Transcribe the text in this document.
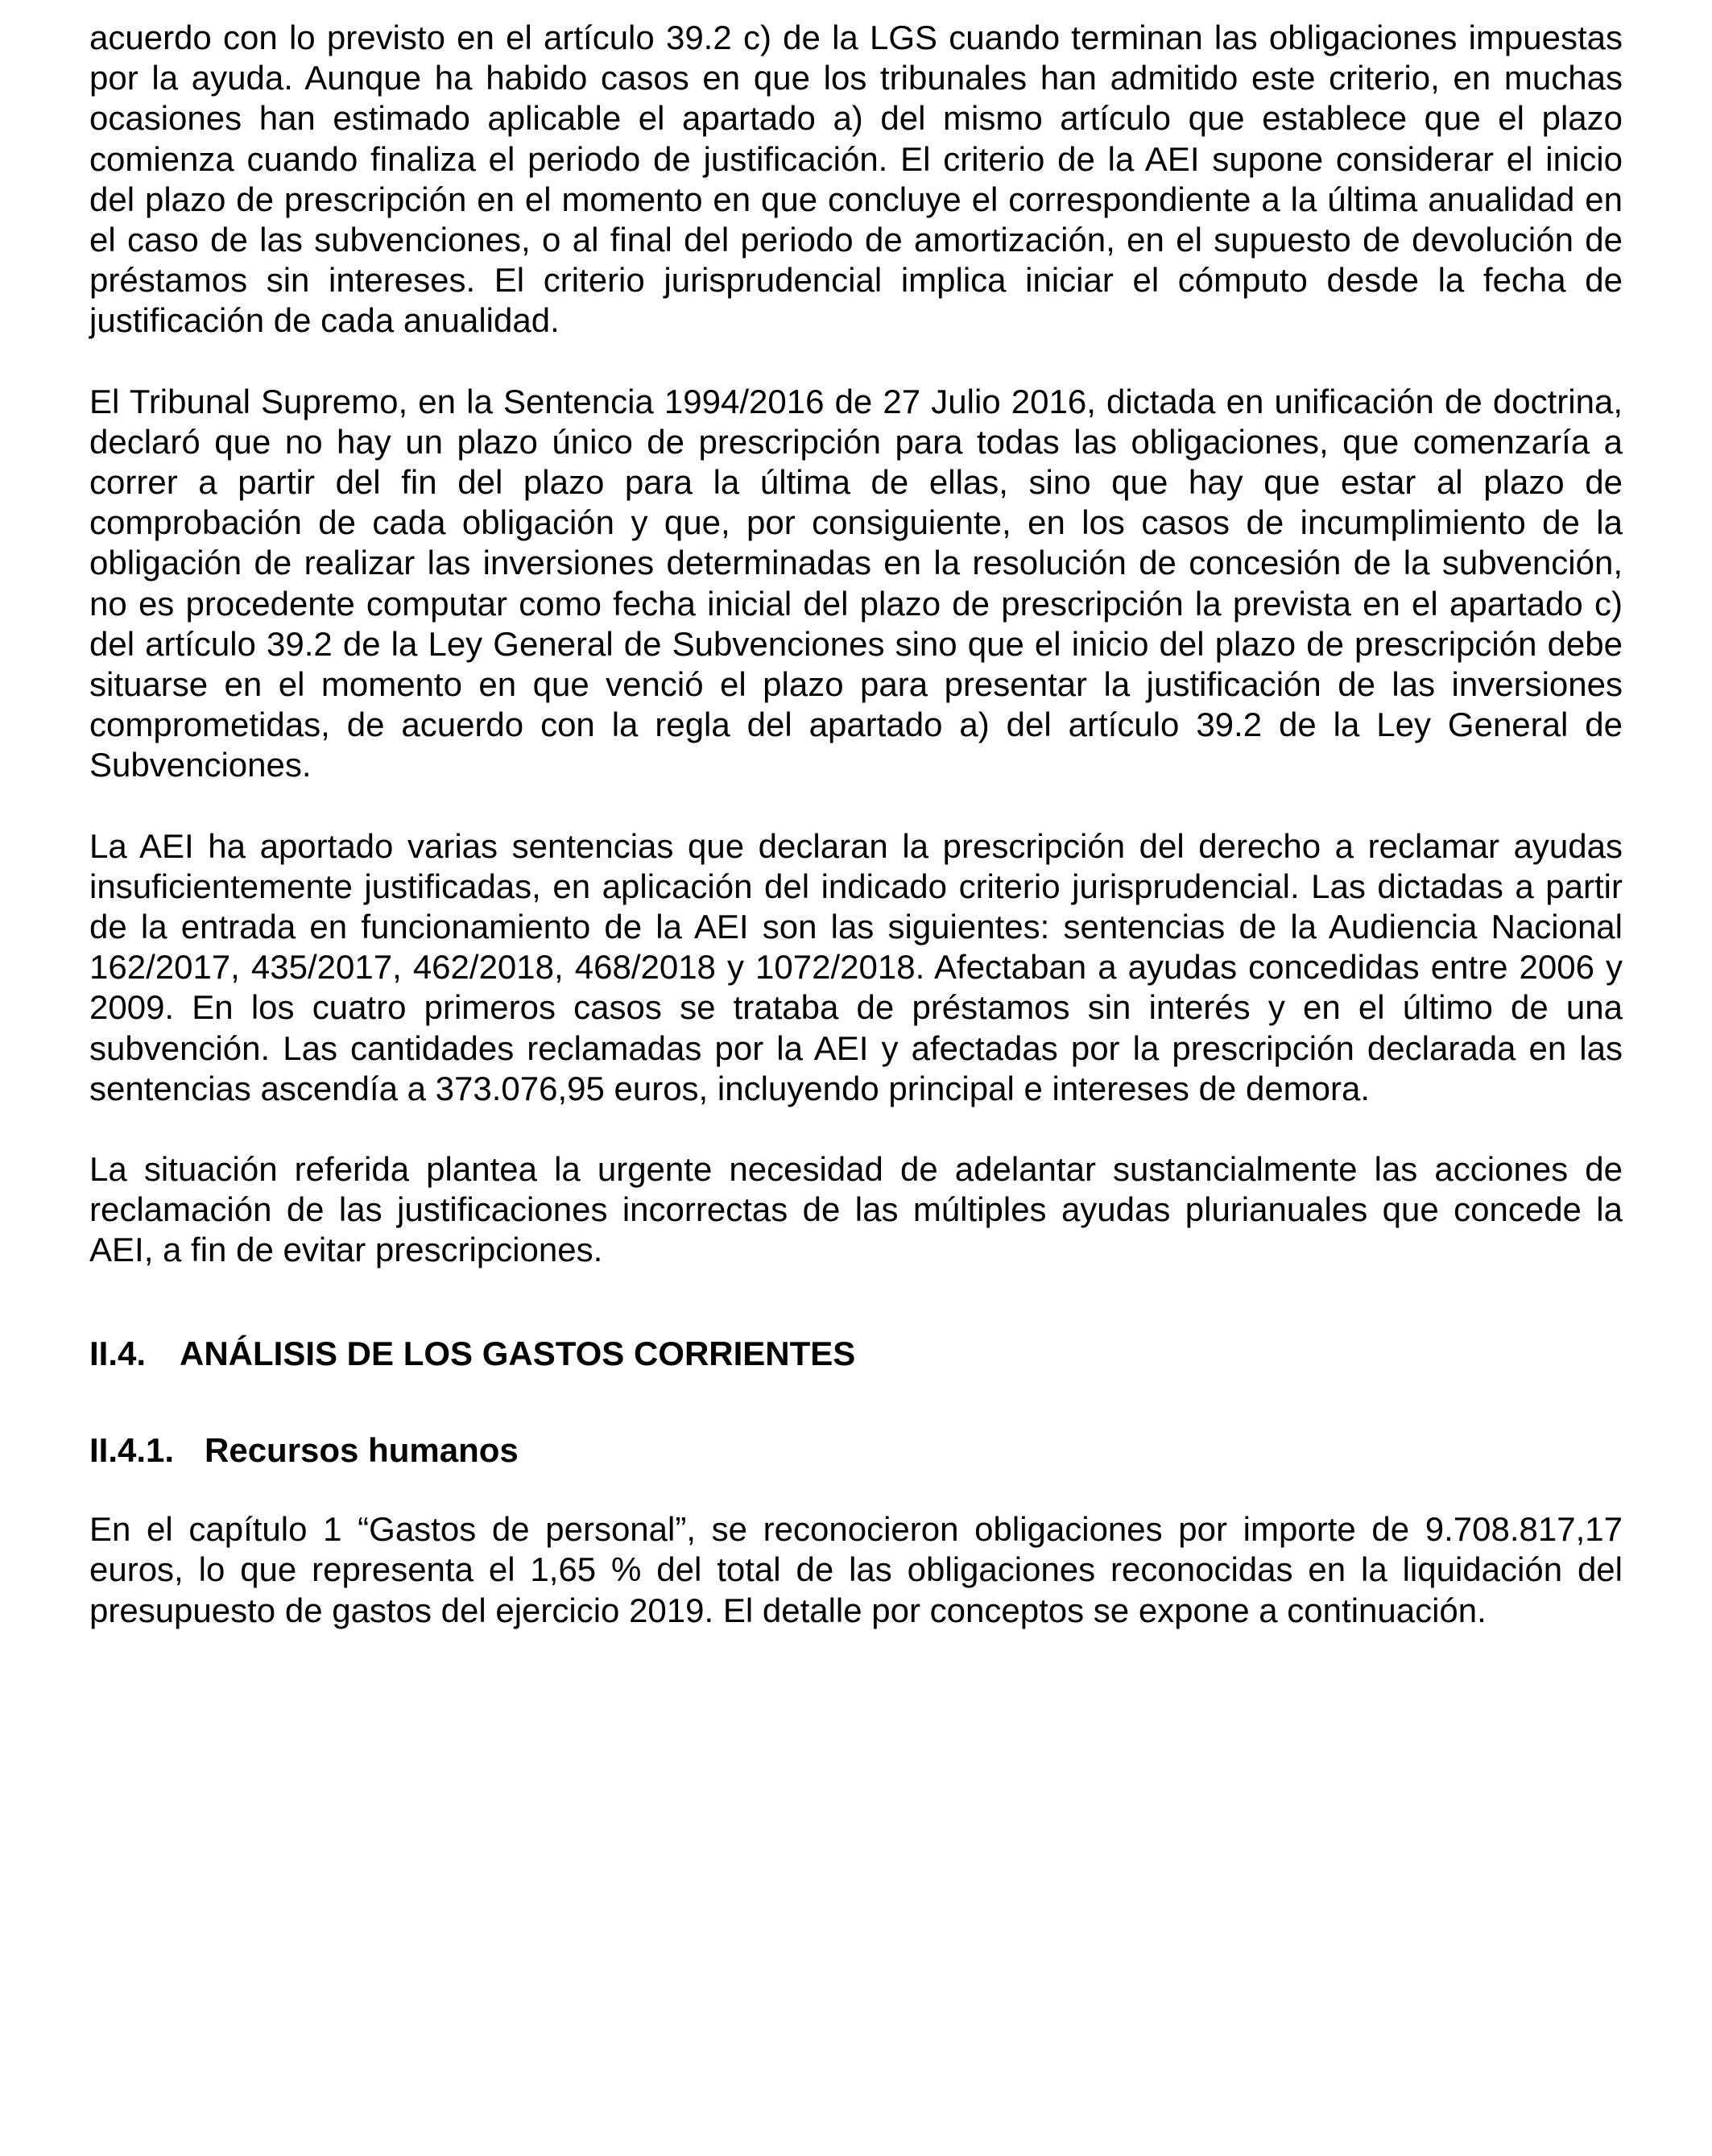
acuerdo con lo previsto en el artículo 39.2 c) de la LGS cuando terminan las obligaciones impuestas por la ayuda. Aunque ha habido casos en que los tribunales han admitido este criterio, en muchas ocasiones han estimado aplicable el apartado a) del mismo artículo que establece que el plazo comienza cuando finaliza el periodo de justificación. El criterio de la AEI supone considerar el inicio del plazo de prescripción en el momento en que concluye el correspondiente a la última anualidad en el caso de las subvenciones, o al final del periodo de amortización, en el supuesto de devolución de préstamos sin intereses. El criterio jurisprudencial implica iniciar el cómputo desde la fecha de justificación de cada anualidad.

El Tribunal Supremo, en la Sentencia 1994/2016 de 27 Julio 2016, dictada en unificación de doctrina, declaró que no hay un plazo único de prescripción para todas las obligaciones, que comenzaría a correr a partir del fin del plazo para la última de ellas, sino que hay que estar al plazo de comprobación de cada obligación y que, por consiguiente, en los casos de incumplimiento de la obligación de realizar las inversiones determinadas en la resolución de concesión de la subvención, no es procedente computar como fecha inicial del plazo de prescripción la prevista en el apartado c) del artículo 39.2 de la Ley General de Subvenciones sino que el inicio del plazo de prescripción debe situarse en el momento en que venció el plazo para presentar la justificación de las inversiones comprometidas, de acuerdo con la regla del apartado a) del artículo 39.2 de la Ley General de Subvenciones.

La AEI ha aportado varias sentencias que declaran la prescripción del derecho a reclamar ayudas insuficientemente justificadas, en aplicación del indicado criterio jurisprudencial. Las dictadas a partir de la entrada en funcionamiento de la AEI son las siguientes: sentencias de la Audiencia Nacional 162/2017, 435/2017, 462/2018, 468/2018 y 1072/2018. Afectaban a ayudas concedidas entre 2006 y 2009. En los cuatro primeros casos se trataba de préstamos sin interés y en el último de una subvención. Las cantidades reclamadas por la AEI y afectadas por la prescripción declarada en las sentencias ascendía a 373.076,95 euros, incluyendo principal e intereses de demora.

La situación referida plantea la urgente necesidad de adelantar sustancialmente las acciones de reclamación de las justificaciones incorrectas de las múltiples ayudas plurianuales que concede la AEI, a fin de evitar prescripciones.

II.4. ANÁLISIS DE LOS GASTOS CORRIENTES
II.4.1. Recursos humanos

En el capítulo 1 “Gastos de personal”, se reconocieron obligaciones por importe de 9.708.817,17 euros, lo que representa el 1,65 % del total de las obligaciones reconocidas en la liquidación del presupuesto de gastos del ejercicio 2019. El detalle por conceptos se expone a continuación.
